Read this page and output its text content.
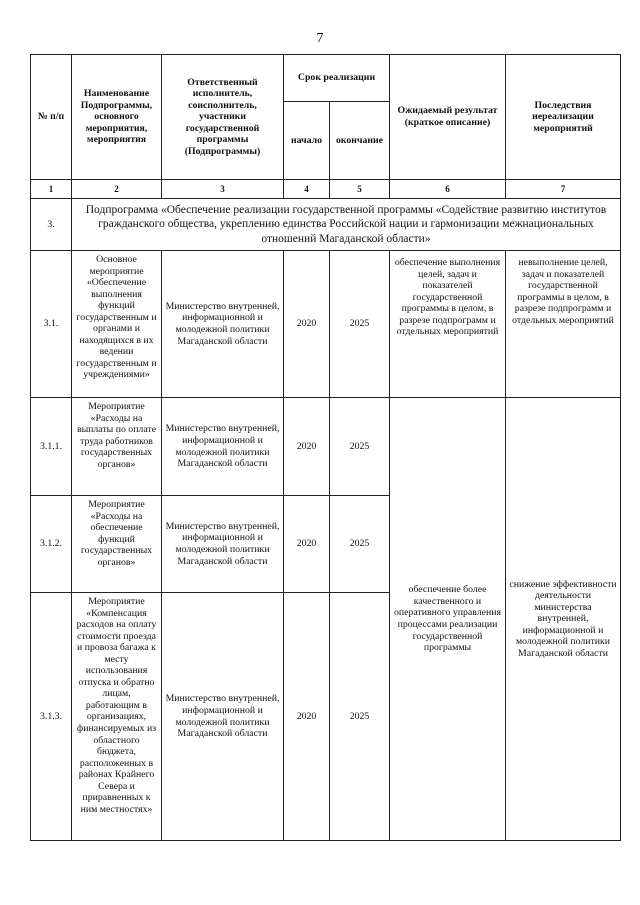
7
№ п/п	Наименование Подпрограммы, основного мероприятия, мероприятия	Ответственный исполнитель, соисполнитель, участники государственной программы (Подпрограммы)	Срок реализации		Ожидаемый результат (краткое описание)	Последствия нереализации мероприятий
			начало	окончание		
1	2	3	4	5	6	7
3.	Подпрограмма «Обеспечение реализации государственной программы «Содействие развитию институтов гражданского общества, укреплению единства Российской нации и гармонизации межнациональных отношений Магаданской области»					
3.1.	Основное мероприятие «Обеспечение выполнения функций государственным и органами и находящихся в их ведении государственным и учреждениями»	Министерство внутренней, информационной и молодежной политики Магаданской области	2020	2025	обеспечение выполнения целей, задач и показателей государственной программы в целом, в разрезе подпрограмм и отдельных мероприятий	невыполнение целей, задач и показателей государственной программы в целом, в разрезе подпрограмм и отдельных мероприятий
3.1.1.	Мероприятие «Расходы на выплаты по оплате труда работников государственных органов»	Министерство внутренней, информационной и молодежной политики Магаданской области	2020	2025	обеспечение более качественного и оперативного управления процессами реализации государственной программы	снижение эффективности деятельности министерства внутренней, информационной и молодежной политики Магаданской области
3.1.2.	Мероприятие «Расходы на обеспечение функций государственных органов»	Министерство внутренней, информационной и молодежной политики Магаданской области	2020	2025		
3.1.3.	Мероприятие «Компенсация расходов на оплату стоимости проезда и провоза багажа к месту использования отпуска и обратно лицам, работающим в организациях, финансируемых из областного бюджета, расположенных в районах Крайнего Севера и приравненных к ним местностях»	Министерство внутренней, информационной и молодежной политики Магаданской области	2020	2025		
